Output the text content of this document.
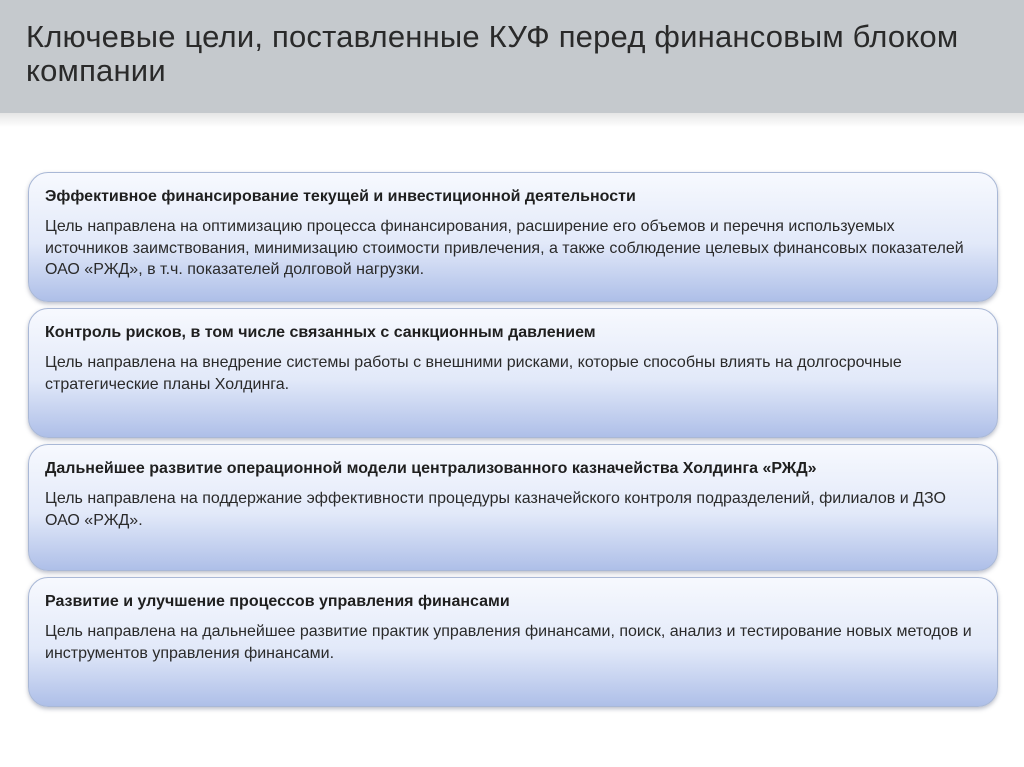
Ключевые цели, поставленные КУФ перед финансовым блоком компании

Эффективное финансирование текущей и инвестиционной деятельности

Цель направлена на оптимизацию процесса финансирования, расширение его объемов и перечня используемых источников заимствования, минимизацию стоимости привлечения, а также соблюдение целевых финансовых показателей ОАО «РЖД», в т.ч. показателей долговой нагрузки.

Контроль рисков, в том числе связанных с санкционным давлением

Цель направлена на внедрение системы работы с внешними рисками, которые способны влиять на долгосрочные стратегические планы Холдинга.

Дальнейшее развитие операционной модели централизованного казначейства Холдинга «РЖД»

Цель направлена на поддержание эффективности процедуры казначейского контроля подразделений, филиалов и ДЗО ОАО «РЖД».

Развитие и улучшение процессов управления финансами

Цель направлена на дальнейшее развитие практик управления финансами, поиск, анализ и тестирование новых методов и инструментов управления финансами.
